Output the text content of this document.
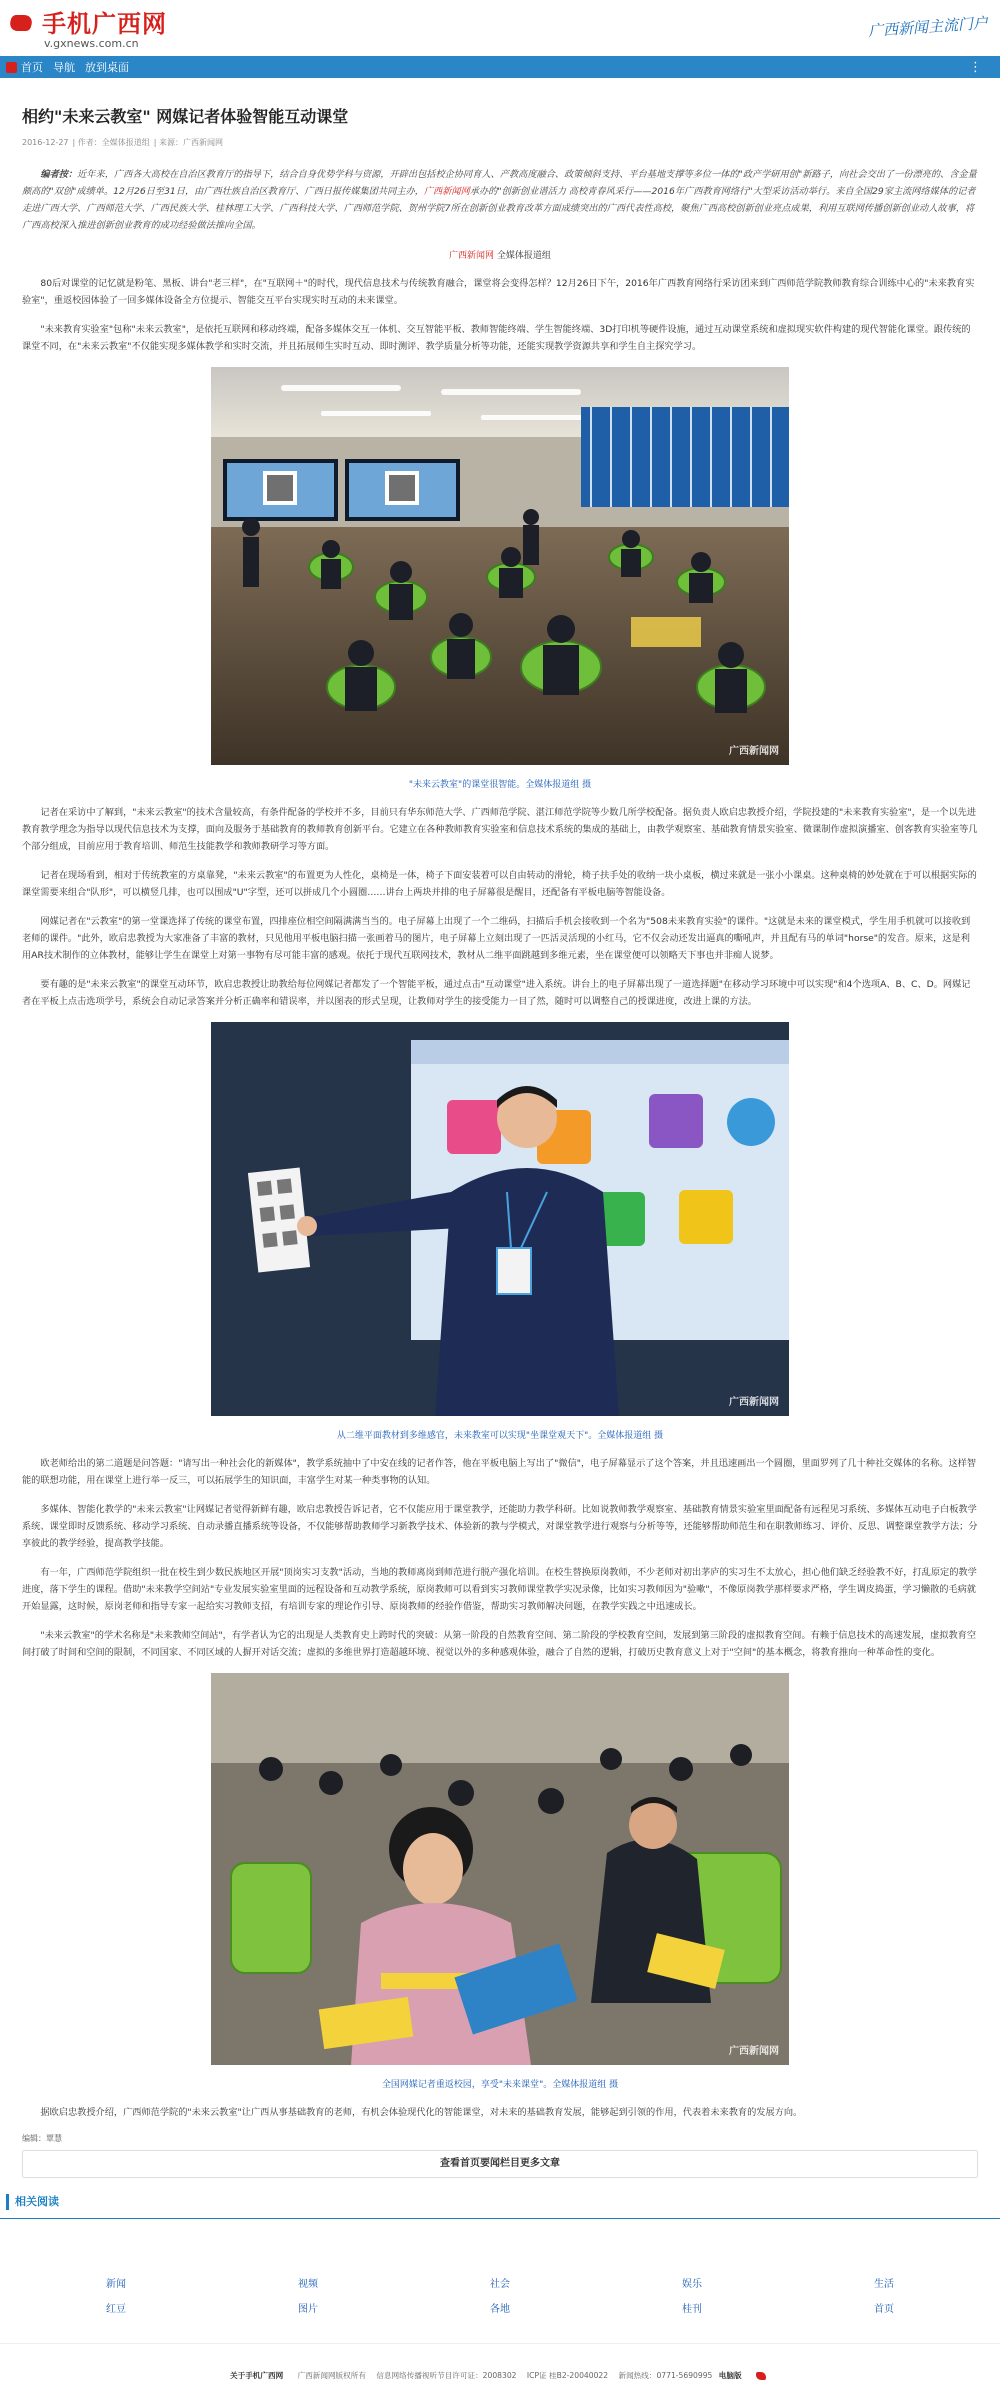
手机广西网
v.gxnews.com.cn
广西新闻主流门户
首页 导航 放到桌面	⋮
相约"未来云教室" 网媒记者体验智能互动课堂
2016-12-27 | 作者：全媒体报道组 | 来源：广西新闻网

编者按：近年来，广西各大高校在自治区教育厅的指导下，结合自身优势学科与资源，开辟出包括校企协同育人、产教高度融合、政策倾斜支持、平台基地支撑等多位一体的"政产学研用创"新路子，向社会交出了一份漂亮的、含金量颇高的"双创"成绩单。12月26日至31日，由广西壮族自治区教育厅、广西日报传媒集团共同主办，广西新闻网承办的"创新创业谱活力 高校青春风采行——2016年广西教育网络行"大型采访活动举行。来自全国29家主流网络媒体的记者走进广西大学、广西师范大学、广西民族大学、桂林理工大学、广西科技大学、广西师范学院、贺州学院7所在创新创业教育改革方面成绩突出的广西代表性高校，聚焦广西高校创新创业亮点成果，利用互联网传播创新创业动人故事，将广西高校深入推进创新创业教育的成功经验做法推向全国。

广西新闻网 全媒体报道组

80后对课堂的记忆就是粉笔、黑板、讲台"老三样"，在"互联网＋"的时代，现代信息技术与传统教育融合，课堂将会变得怎样？12月26日下午，2016年广西教育网络行采访团来到广西师范学院教师教育综合训练中心的"未来教育实验室"，重返校园体验了一回多媒体设备全方位提示、智能交互平台实现实时互动的未来课堂。

"未来教育实验室"包称"未来云教室"，是依托互联网和移动终端，配备多媒体交互一体机、交互智能平板、教师智能终端、学生智能终端、3D打印机等硬件设施，通过互动课堂系统和虚拟现实软件构建的现代智能化课堂。跟传统的课堂不同，在"未来云教室"不仅能实现多媒体教学和实时交流，并且拓展师生实时互动、即时测评、教学质量分析等功能，还能实现教学资源共享和学生自主探究学习。

广西新闻网
"未来云教室"的课堂很智能。全媒体报道组 摄

记者在采访中了解到，"未来云教室"的技术含量较高，有条件配备的学校并不多，目前只有华东师范大学、广西师范学院、湛江师范学院等少数几所学校配备。据负责人欧启忠教授介绍，学院投建的"未来教育实验室"，是一个以先进教育教学理念为指导以现代信息技术为支撑，面向及服务于基础教育的教师教育创新平台。它建立在各种教师教育实验室和信息技术系统的集成的基础上，由教学观察室、基础教育情景实验室、微课制作虚拟演播室、创客教育实验室等几个部分组成，目前应用于教育培训、师范生技能教学和教师教研学习等方面。

记者在现场看到，相对于传统教室的方桌靠凳，"未来云教室"的布置更为人性化，桌椅是一体，椅子下面安装着可以自由转动的滑轮，椅子扶手处的收纳一块小桌板，横过来就是一张小小课桌。这种桌椅的妙处就在于可以根据实际的课堂需要来组合"队形"，可以横竖几排，也可以围成"U"字型，还可以拼成几个小圆圈……讲台上两块并排的电子屏幕很是醒目，还配备有平板电脑等智能设备。

网媒记者在"云教室"的第一堂课选择了传统的课堂布置，四排座位相空间隔满满当当的。电子屏幕上出现了一个二维码，扫描后手机会接收到一个名为"508未来教育实验"的课件。"这就是未来的课堂模式，学生用手机就可以接收到老师的课件。"此外，欧启忠教授为大家准备了丰富的教材，只见他用平板电脑扫描一张画着马的图片，电子屏幕上立刻出现了一匹活灵活现的小红马，它不仅会动还发出逼真的嘶吼声，并且配有马的单词"horse"的发音。原来，这是利用AR技术制作的立体教材，能够让学生在课堂上对第一事物有尽可能丰富的感观。依托于现代互联网技术，教材从二维平面跳越到多维元素，坐在课堂便可以领略天下事也并非痴人说梦。

要有趣的是"未来云教室"的课堂互动环节，欧启忠教授让助教给每位网媒记者都发了一个智能平板，通过点击"互动课堂"进入系统。讲台上的电子屏幕出现了一道选择题"在移动学习环境中可以实现"和4个选项A、B、C、D。网媒记者在平板上点击选项学号，系统会自动记录答案并分析正确率和错误率，并以图表的形式呈现，让教师对学生的接受能力一目了然，随时可以调整自己的授课进度，改进上课的方法。

广西新闻网
从二维平面教材到多维感官，未来教室可以实现"坐课堂观天下"。全媒体报道组 摄

欧老师给出的第二道题是问答题："请写出一种社会化的新媒体"，教学系统抽中了中安在线的记者作答，他在平板电脑上写出了"微信"，电子屏幕显示了这个答案，并且迅速画出一个圆圈，里面罗列了几十种社交媒体的名称。这样智能的联想功能，用在课堂上进行举一反三，可以拓展学生的知识面，丰富学生对某一种类事物的认知。

多媒体、智能化教学的"未来云教室"让网媒记者觉得新鲜有趣，欧启忠教授告诉记者，它不仅能应用于课堂教学，还能助力教学科研。比如说教师教学观察室、基础教育情景实验室里面配备有远程见习系统、多媒体互动电子白板教学系统、课堂即时反馈系统、移动学习系统、自动录播直播系统等设备，不仅能够帮助教师学习新教学技术、体验新的教与学模式，对课堂教学进行观察与分析等等，还能够帮助师范生和在职教师练习、评价、反思、调整课堂教学方法；分享彼此的教学经验，提高教学技能。

有一年，广西师范学院组织一批在校生到少数民族地区开展"顶岗实习支教"活动，当地的教师离岗到师范进行脱产强化培训。在校生替换原岗教师，不少老师对初出茅庐的实习生不太放心，担心他们缺乏经验教不好，打乱原定的教学进度，落下学生的课程。借助"未来教学空间站"专业发展实验室里面的远程设备和互动教学系统，原岗教师可以看到实习教师课堂教学实况录像，比如实习教师因为"验嗽"，不像原岗教学那样要求严格，学生调皮捣蛋，学习懒散的毛病就开始显露，这时候，原岗老师和指导专家一起给实习教师支招，有培训专家的理论作引导、原岗教师的经验作借鉴，帮助实习教师解决问题，在教学实践之中迅速成长。

"未来云教室"的学术名称是"未来教师空间站"，有学者认为它的出现是人类教育史上跨时代的突破：从第一阶段的自然教育空间、第二阶段的学校教育空间，发展到第三阶段的虚拟教育空间。有赖于信息技术的高速发展，虚拟教育空间打破了时间和空间的限制，不同国家、不同区域的人摒开对话交流；虚拟的多维世界打造超越环境、视觉以外的多种感观体验，融合了自然的逻辑，打破历史教育意义上对于"空间"的基本概念，将教育推向一种革命性的变化。

广西新闻网
全国网媒记者重返校园，享受"未来课堂"。全媒体报道组 摄

据欧启忠教授介绍，广西师范学院的"未来云教室"让广西从事基础教育的老师，有机会体验现代化的智能课堂，对未来的基础教育发展，能够起到引领的作用，代表着未来教育的发展方向。

编辑：覃慧
查看首页要闻栏目更多文章
相关阅读
新闻	视频	社会	娱乐	生活
红豆	图片	各地	桂刊	首页
关于手机广西网 广西新闻网版权所有 信息网络传播视听节目许可证：2008302 ICP证 桂B2-20040022 新闻热线：0771-5690995 电脑版
